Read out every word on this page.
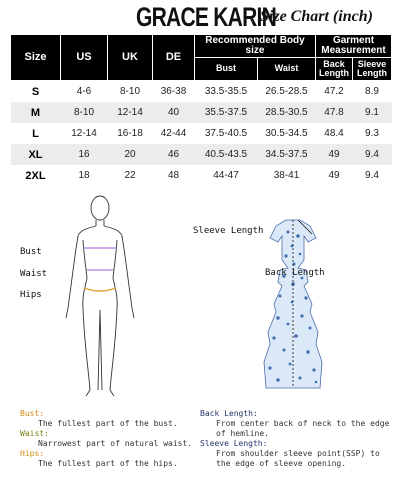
GRACE KARIN
Size Chart (inch)
Size	US	UK	DE	Recommended Body size		Garment Measurement	
				Bust	Waist	Back Length	Sleeve Length
S	4-6	8-10	36-38	33.5-35.5	26.5-28.5	47.2	8.9
M	8-10	12-14	40	35.5-37.5	28.5-30.5	47.8	9.1
L	12-14	16-18	42-44	37.5-40.5	30.5-34.5	48.4	9.3
XL	16	20	46	40.5-43.5	34.5-37.5	49	9.4
2XL	18	22	48	44-47	38-41	49	9.4
Bust
Waist
Hips
Sleeve Length
Back Length
Bust:
The fullest part of the bust.
Waist:
Narrowest part of natural waist.
Hips:
The fullest part of the hips.
Back Length:
From center back of neck to the edge
of hemline.
Sleeve Length:
From shoulder sleeve point(SSP) to
the edge of sleeve opening.
